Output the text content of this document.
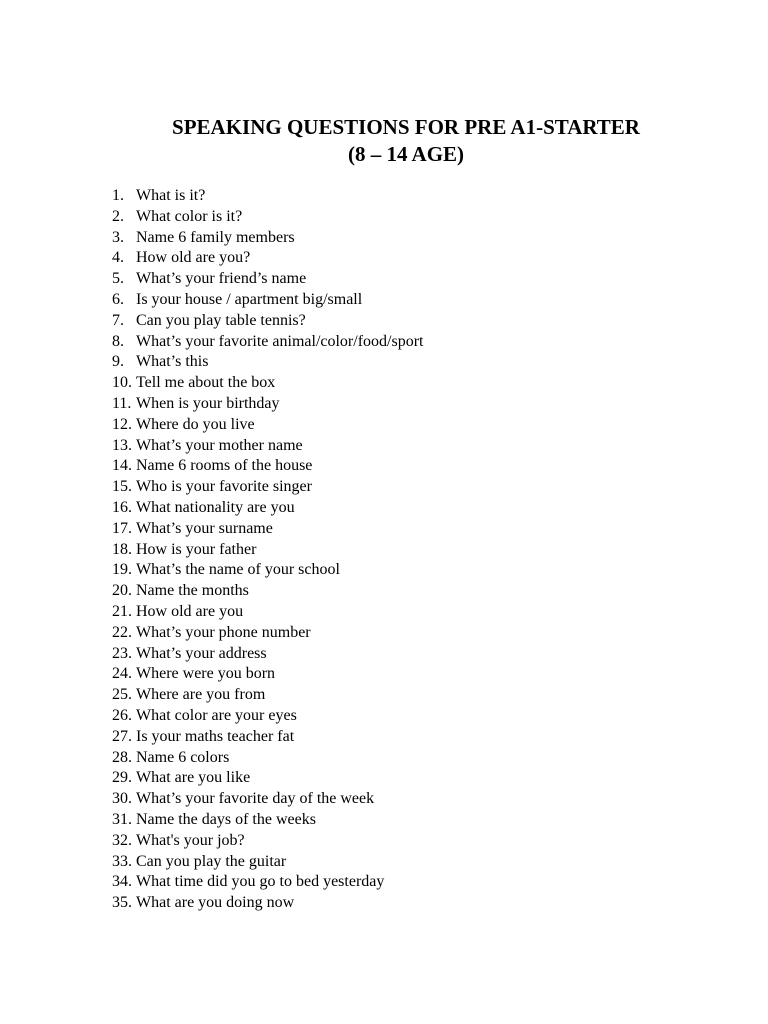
SPEAKING QUESTIONS FOR PRE A1-STARTER
(8 – 14 AGE)
1. What is it?
2. What color is it?
3. Name 6 family members
4. How old are you?
5. What’s your friend’s name
6. Is your house / apartment big/small
7. Can you play table tennis?
8. What’s your favorite animal/color/food/sport
9. What’s this
10. Tell me about the box
11. When is your birthday
12. Where do you live
13. What’s your mother name
14. Name 6 rooms of the house
15. Who is your favorite singer
16. What nationality are you
17. What’s your surname
18. How is your father
19. What’s the name of your school
20. Name the months
21. How old are you
22. What’s your phone number
23. What’s your address
24. Where were you born
25. Where are you from
26. What color are your eyes
27. Is your maths teacher fat
28. Name 6 colors
29. What are you like
30. What’s your favorite day of the week
31. Name the days of the weeks
32. What's your job?
33. Can you play the guitar
34. What time did you go to bed yesterday
35. What are you doing now
